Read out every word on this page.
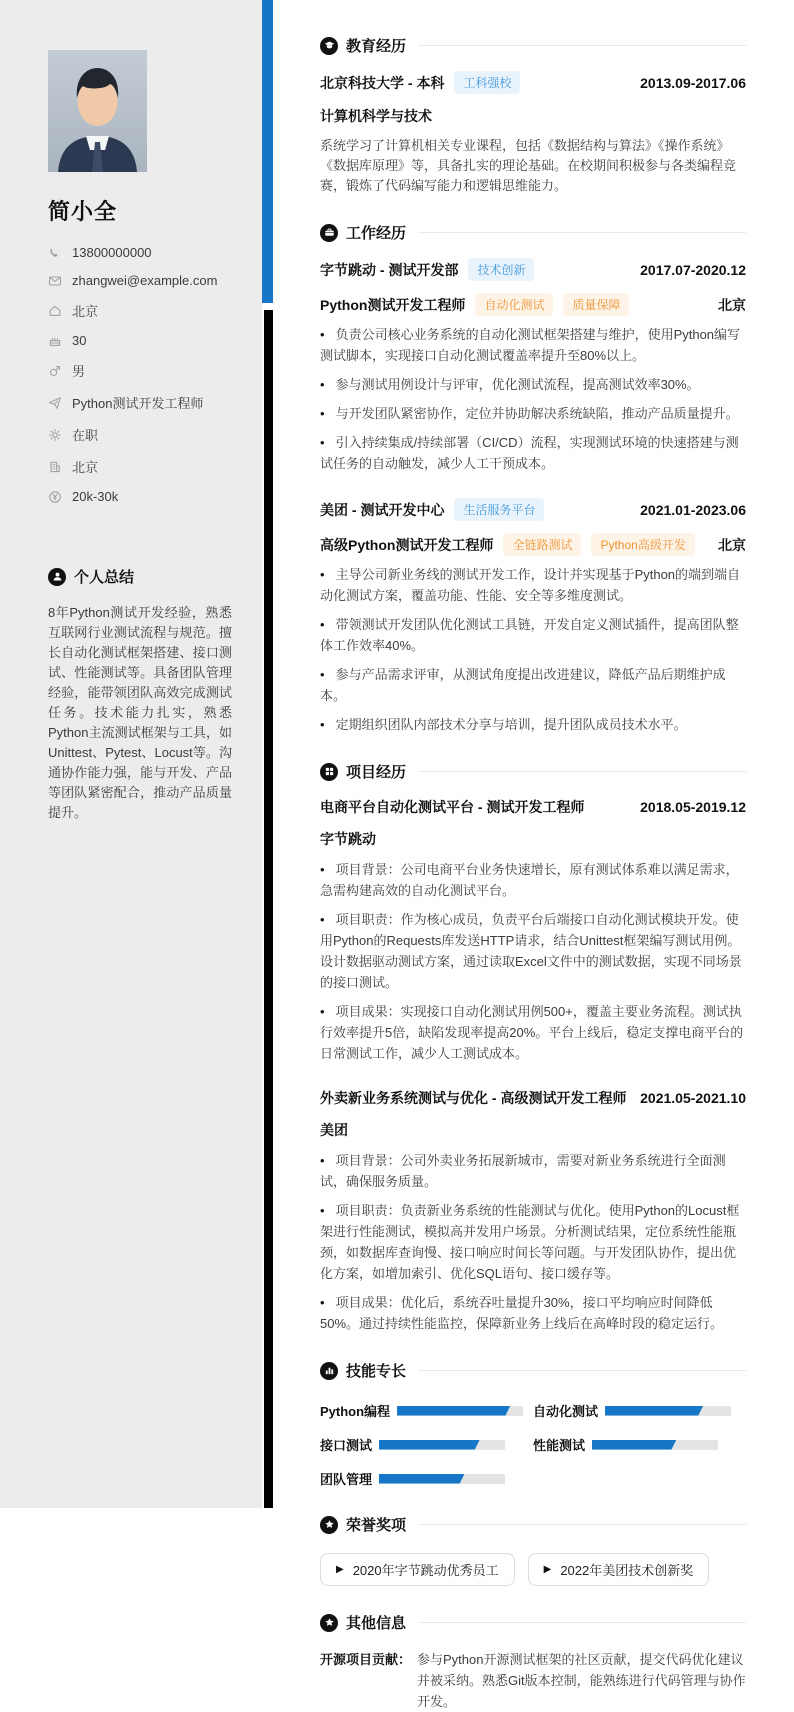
简小全
13800000000
zhangwei@example.com
北京
30
男
Python测试开发工程师
在职
北京
20k-30k
个人总结
8年Python测试开发经验，熟悉互联网行业测试流程与规范。擅长自动化测试框架搭建、接口测试、性能测试等。具备团队管理经验，能带领团队高效完成测试任务。技术能力扎实，熟悉Python主流测试框架与工具，如Unittest、Pytest、Locust等。沟通协作能力强，能与开发、产品等团队紧密配合，推动产品质量提升。
教育经历
北京科技大学 - 本科	工科强校	2013.09-2017.06

计算机科学与技术

系统学习了计算机相关专业课程，包括《数据结构与算法》《操作系统》《数据库原理》等，具备扎实的理论基础。在校期间积极参与各类编程竞赛，锻炼了代码编写能力和逻辑思维能力。

工作经历
字节跳动 - 测试开发部	技术创新	2017.07-2020.12
Python测试开发工程师	自动化测试	质量保障	北京

• 负责公司核心业务系统的自动化测试框架搭建与维护，使用Python编写测试脚本，实现接口自动化测试覆盖率提升至80%以上。

• 参与测试用例设计与评审，优化测试流程，提高测试效率30%。

• 与开发团队紧密协作，定位并协助解决系统缺陷，推动产品质量提升。

• 引入持续集成/持续部署（CI/CD）流程，实现测试环境的快速搭建与测试任务的自动触发，减少人工干预成本。

美团 - 测试开发中心	生活服务平台	2021.01-2023.06
高级Python测试开发工程师	全链路测试	Python高级开发	北京

• 主导公司新业务线的测试开发工作，设计并实现基于Python的端到端自动化测试方案，覆盖功能、性能、安全等多维度测试。

• 带领测试开发团队优化测试工具链，开发自定义测试插件，提高团队整体工作效率40%。

• 参与产品需求评审，从测试角度提出改进建议，降低产品后期维护成本。

• 定期组织团队内部技术分享与培训，提升团队成员技术水平。

项目经历
电商平台自动化测试平台 - 测试开发工程师	2018.05-2019.12

字节跳动

• 项目背景：公司电商平台业务快速增长，原有测试体系难以满足需求，急需构建高效的自动化测试平台。

• 项目职责：作为核心成员，负责平台后端接口自动化测试模块开发。使用Python的Requests库发送HTTP请求，结合Unittest框架编写测试用例。设计数据驱动测试方案，通过读取Excel文件中的测试数据，实现不同场景的接口测试。

• 项目成果：实现接口自动化测试用例500+，覆盖主要业务流程。测试执行效率提升5倍，缺陷发现率提高20%。平台上线后，稳定支撑电商平台的日常测试工作，减少人工测试成本。

外卖新业务系统测试与优化 - 高级测试开发工程师 2021.05-2021.10

美团

• 项目背景：公司外卖业务拓展新城市，需要对新业务系统进行全面测试，确保服务质量。

• 项目职责：负责新业务系统的性能测试与优化。使用Python的Locust框架进行性能测试，模拟高并发用户场景。分析测试结果，定位系统性能瓶颈，如数据库查询慢、接口响应时间长等问题。与开发团队协作，提出优化方案，如增加索引、优化SQL语句、接口缓存等。

• 项目成果：优化后，系统吞吐量提升30%，接口平均响应时间降低50%。通过持续性能监控，保障新业务上线后在高峰时段的稳定运行。

技能专长
Python编程	自动化测试
接口测试	性能测试
团队管理
荣誉奖项
▶ 2020年字节跳动优秀员工	▶ 2022年美团技术创新奖
其他信息
开源项目贡献： 参与Python开源测试框架的社区贡献，提交代码优化建议并被采纳。熟悉Git版本控制，能熟练进行代码管理与协作开发。
